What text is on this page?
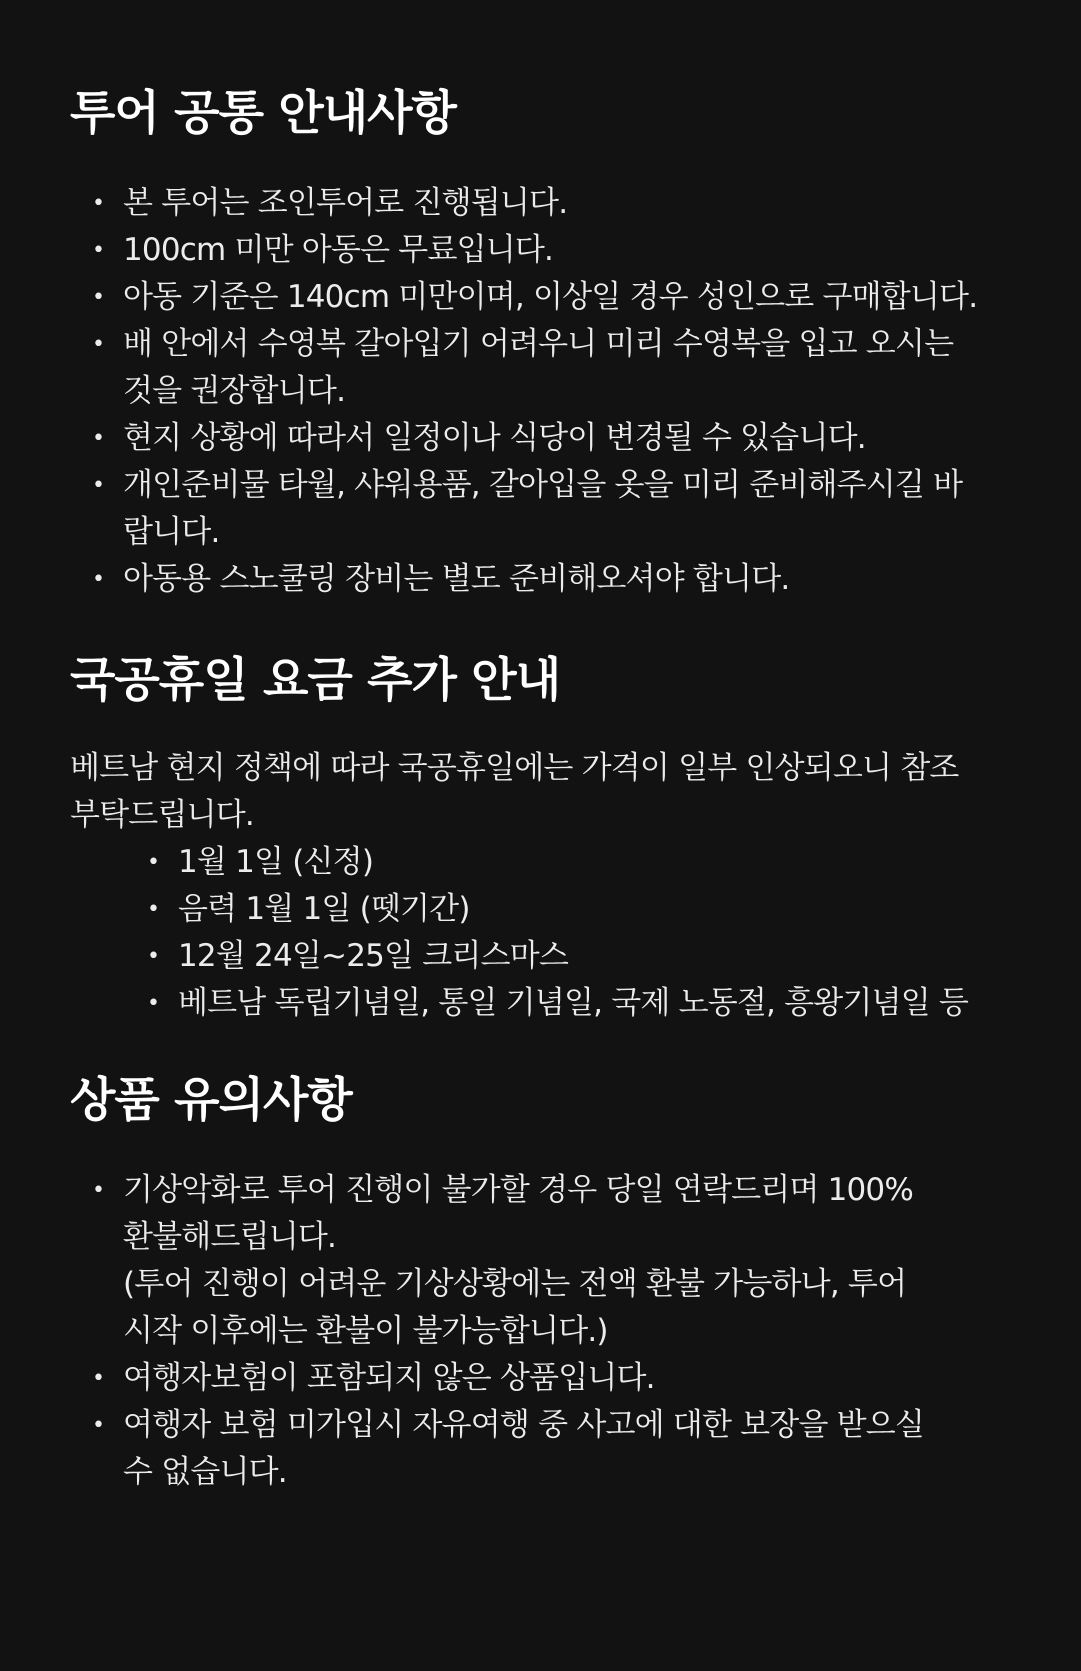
투어 공통 안내사항
• 본 투어는 조인투어로 진행됩니다.
• 100cm 미만 아동은 무료입니다.
• 아동 기준은 140cm 미만이며, 이상일 경우 성인으로 구매합니다.
• 배 안에서 수영복 갈아입기 어려우니 미리 수영복을 입고 오시는 것을 권장합니다.
• 현지 상황에 따라서 일정이나 식당이 변경될 수 있습니다.
• 개인준비물 타월, 샤워용품, 갈아입을 옷을 미리 준비해주시길 바랍니다.
• 아동용 스노쿨링 장비는 별도 준비해오셔야 합니다.
국공휴일 요금 추가 안내

베트남 현지 정책에 따라 국공휴일에는 가격이 일부 인상되오니 참조 부탁드립니다.

• 1월 1일 (신정)
• 음력 1월 1일 (뗏기간)
• 12월 24일~25일 크리스마스
• 베트남 독립기념일, 통일 기념일, 국제 노동절, 흥왕기념일 등
상품 유의사항
• 기상악화로 투어 진행이 불가할 경우 당일 연락드리며 100% 환불해드립니다.
(투어 진행이 어려운 기상상황에는 전액 환불 가능하나, 투어 시작 이후에는 환불이 불가능합니다.)
• 여행자보험이 포함되지 않은 상품입니다.
• 여행자 보험 미가입시 자유여행 중 사고에 대한 보장을 받으실 수 없습니다.
